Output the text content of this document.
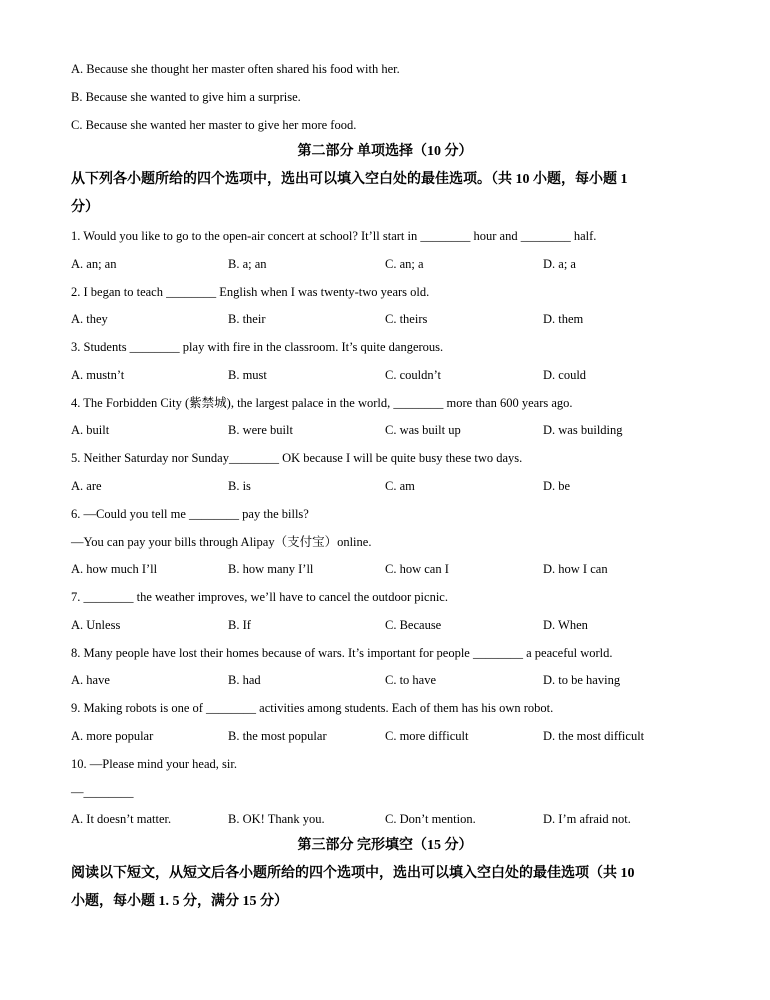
A. Because she thought her master often shared his food with her.
B. Because she wanted to give him a surprise.
C. Because she wanted her master to give her more food.
第二部分 单项选择（10 分）
从下列各小题所给的四个选项中，选出可以填入空白处的最佳选项。（共 10 小题，每小题 1
分）
1. Would you like to go to the open-air concert at school? It’ll start in ________ hour and ________ half.
A. an; an	B. a; an	C. an; a	D. a; a
2. I began to teach ________ English when I was twenty-two years old.
A. they	B. their	C. theirs	D. them
3. Students ________ play with fire in the classroom. It’s quite dangerous.
A. mustn’t	B. must	C. couldn’t	D. could
4. The Forbidden City (紫禁城), the largest palace in the world, ________ more than 600 years ago.
A. built	B. were built	C. was built up	D. was building
5. Neither Saturday nor Sunday________ OK because I will be quite busy these two days.
A. are	B. is	C. am	D. be
6. —Could you tell me ________ pay the bills?
—You can pay your bills through Alipay（支付宝）online.
A. how much I’ll	B. how many I’ll	C. how can I	D. how I can
7. ________ the weather improves, we’ll have to cancel the outdoor picnic.
A. Unless	B. If	C. Because	D. When
8. Many people have lost their homes because of wars. It’s important for people ________ a peaceful world.
A. have	B. had	C. to have	D. to be having
9. Making robots is one of ________ activities among students. Each of them has his own robot.
A. more popular	B. the most popular	C. more difficult	D. the most difficult
10. —Please mind your head, sir.
—________
A. It doesn’t matter.	B. OK! Thank you.	C. Don’t mention.	D. I’m afraid not.
第三部分 完形填空（15 分）
阅读以下短文，从短文后各小题所给的四个选项中，选出可以填入空白处的最佳选项（共 10
小题，每小题 1. 5 分，满分 15 分）
